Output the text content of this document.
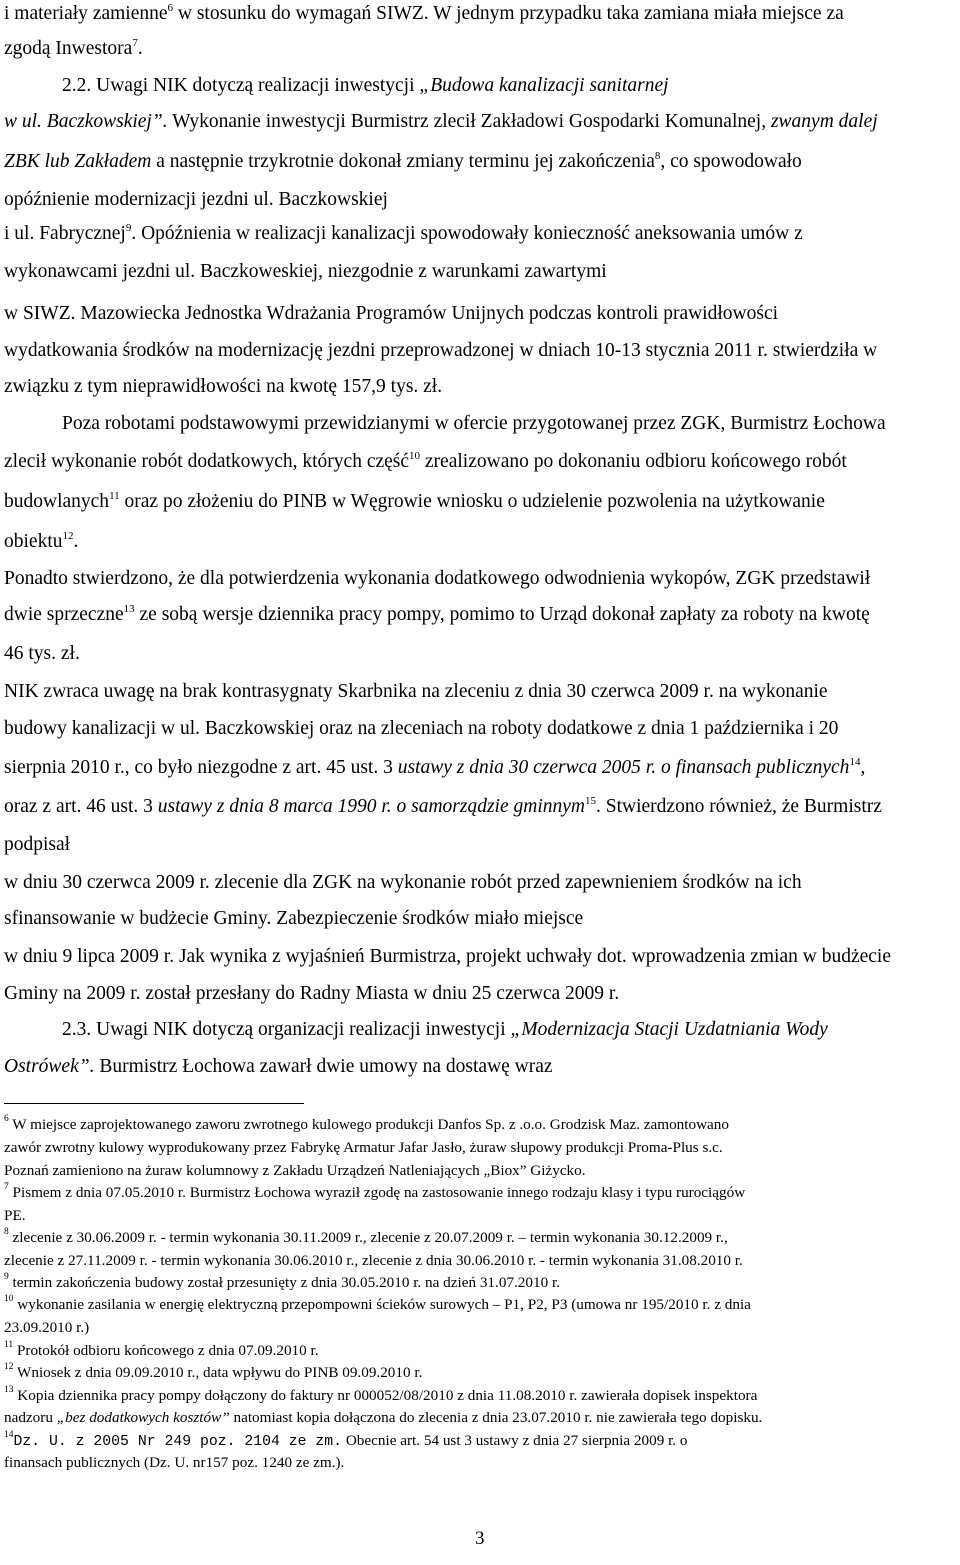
i materiały zamienne$^6$ w stosunku do wymagań SIWZ. W jednym przypadku taka zamiana miała miejsce za
zgodą Inwestora$^7$.
2.2. Uwagi NIK dotyczą realizacji inwestycji „Budowa kanalizacji sanitarnej
w ul. Baczkowskiej”. Wykonanie inwestycji Burmistrz zlecił Zakładowi Gospodarki Komunalnej, zwanym dalej
ZBK lub Zakładem a następnie trzykrotnie dokonał zmiany terminu jej zakończenia$^8$, co spowodowało
opóźnienie modernizacji jezdni ul. Baczkowskiej
i ul. Fabrycznej$^9$. Opóźnienia w realizacji kanalizacji spowodowały konieczność aneksowania umów z
wykonawcami jezdni ul. Baczkoweskiej, niezgodnie z warunkami zawartymi
w SIWZ. Mazowiecka Jednostka Wdrażania Programów Unijnych podczas kontroli prawidłowości
wydatkowania środków na modernizację jezdni przeprowadzonej w dniach 10-13 stycznia 2011 r. stwierdziła w
związku z tym nieprawidłowości na kwotę 157,9 tys. zł.
Poza robotami podstawowymi przewidzianymi w ofercie przygotowanej przez ZGK, Burmistrz Łochowa
zlecił wykonanie robót dodatkowych, których część$^{10}$ zrealizowano po dokonaniu odbioru końcowego robót
budowlanych$^{11}$ oraz po złożeniu do PINB w Węgrowie wniosku o udzielenie pozwolenia na użytkowanie
obiektu$^{12}$.
Ponadto stwierdzono, że dla potwierdzenia wykonania dodatkowego odwodnienia wykopów, ZGK przedstawił
dwie sprzeczne$^{13}$ ze sobą wersje dziennika pracy pompy, pomimo to Urząd dokonał zapłaty za roboty na kwotę
46 tys. zł.
NIK zwraca uwagę na brak kontrasygnaty Skarbnika na zleceniu z dnia 30 czerwca 2009 r. na wykonanie
budowy kanalizacji w ul. Baczkowskiej oraz na zleceniach na roboty dodatkowe z dnia 1 października i 20
sierpnia 2010 r., co było niezgodne z art. 45 ust. 3 ustawy z dnia 30 czerwca 2005 r. o finansach publicznych$^{14}$,
oraz z art. 46 ust. 3 ustawy z dnia 8 marca 1990 r. o samorządzie gminnym$^{15}$. Stwierdzono również, że Burmistrz
podpisał
w dniu 30 czerwca 2009 r. zlecenie dla ZGK na wykonanie robót przed zapewnieniem środków na ich
sfinansowanie w budżecie Gminy. Zabezpieczenie środków miało miejsce
w dniu 9 lipca 2009 r. Jak wynika z wyjaśnień Burmistrza, projekt uchwały dot. wprowadzenia zmian w budżecie
Gminy na 2009 r. został przesłany do Radny Miasta w dniu 25 czerwca 2009 r.
2.3. Uwagi NIK dotyczą organizacji realizacji inwestycji „Modernizacja Stacji Uzdatniania Wody
Ostrówek”. Burmistrz Łochowa zawarł dwie umowy na dostawę wraz
$^6$ W miejsce zaprojektowanego zaworu zwrotnego kulowego produkcji Danfos Sp. z .o.o. Grodzisk Maz. zamontowano
zawór zwrotny kulowy wyprodukowany przez Fabrykę Armatur Jafar Jasło, żuraw słupowy produkcji Proma-Plus s.c.
Poznań zamieniono na żuraw kolumnowy z Zakładu Urządzeń Natleniających „Biox” Giżycko.
$^7$ Pismem z dnia 07.05.2010 r. Burmistrz Łochowa wyraził zgodę na zastosowanie innego rodzaju klasy i typu rurociągów
PE.
$^8$ zlecenie z 30.06.2009 r. - termin wykonania 30.11.2009 r., zlecenie z 20.07.2009 r. – termin wykonania 30.12.2009 r.,
zlecenie z 27.11.2009 r. - termin wykonania 30.06.2010 r., zlecenie z dnia 30.06.2010 r. - termin wykonania 31.08.2010 r.
$^9$ termin zakończenia budowy został przesunięty z dnia 30.05.2010 r. na dzień 31.07.2010 r.
$^{10}$ wykonanie zasilania w energię elektryczną przepompowni ścieków surowych – P1, P2, P3 (umowa nr 195/2010 r. z dnia
23.09.2010 r.)
$^{11}$ Protokół odbioru końcowego z dnia 07.09.2010 r.
$^{12}$ Wniosek z dnia 09.09.2010 r., data wpływu do PINB 09.09.2010 r.
$^{13}$ Kopia dziennika pracy pompy dołączony do faktury nr 000052/08/2010 z dnia 11.08.2010 r. zawierała dopisek inspektora
nadzoru „bez dodatkowych kosztów” natomiast kopia dołączona do zlecenia z dnia 23.07.2010 r. nie zawierała tego dopisku.
$^{14}$Dz. U. z 2005 Nr 249 poz. 2104 ze zm. Obecnie art. 54 ust 3 ustawy z dnia 27 sierpnia 2009 r. o
finansach publicznych (Dz. U. nr157 poz. 1240 ze zm.).
3
